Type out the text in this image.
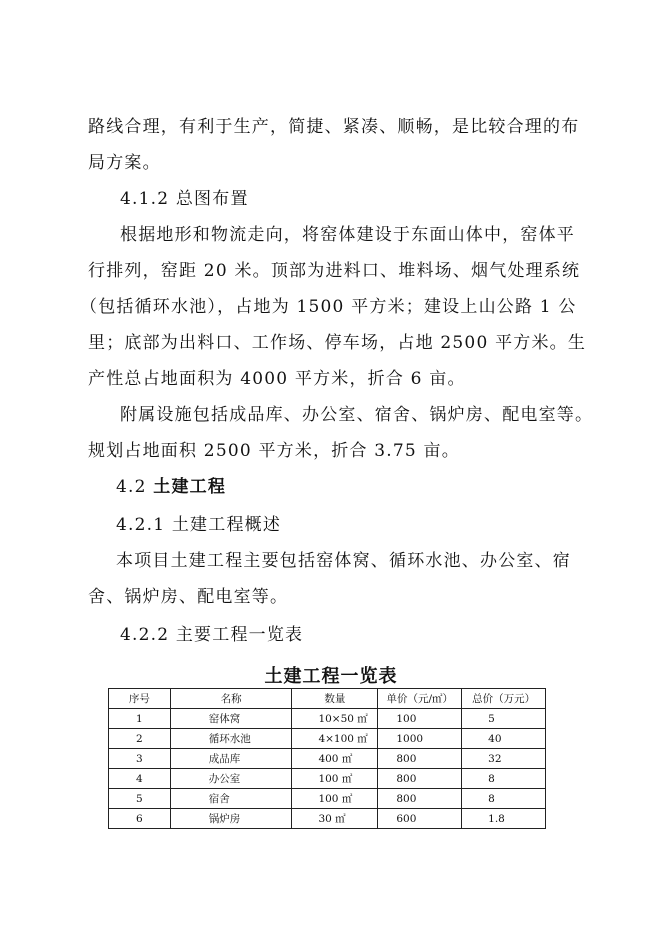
路线合理，有利于生产，简捷、紧凑、顺畅，是比较合理的布
局方案。
4.1.2 总图布置
根据地形和物流走向，将窑体建设于东面山体中，窑体平
行排列，窑距 20 米。顶部为进料口、堆料场、烟气处理系统
（包括循环水池），占地为 1500 平方米；建设上山公路 1 公
里；底部为出料口、工作场、停车场，占地 2500 平方米。生
产性总占地面积为 4000 平方米，折合 6 亩。
附属设施包括成品库、办公室、宿舍、锅炉房、配电室等。
规划占地面积 2500 平方米，折合 3.75 亩。
4.2 土建工程
4.2.1 土建工程概述
本项目土建工程主要包括窑体窝、循环水池、办公室、宿
舍、锅炉房、配电室等。
4.2.2 主要工程一览表
土建工程一览表
序号	名称	数量	单价（元/㎡）	总价（万元）
1	窑体窝	10×50 ㎡	100	5
2	循环水池	4×100 ㎡	1000	40
3	成品库	400 ㎡	800	32
4	办公室	100 ㎡	800	8
5	宿舍	100 ㎡	800	8
6	锅炉房	30 ㎡	600	1.8
